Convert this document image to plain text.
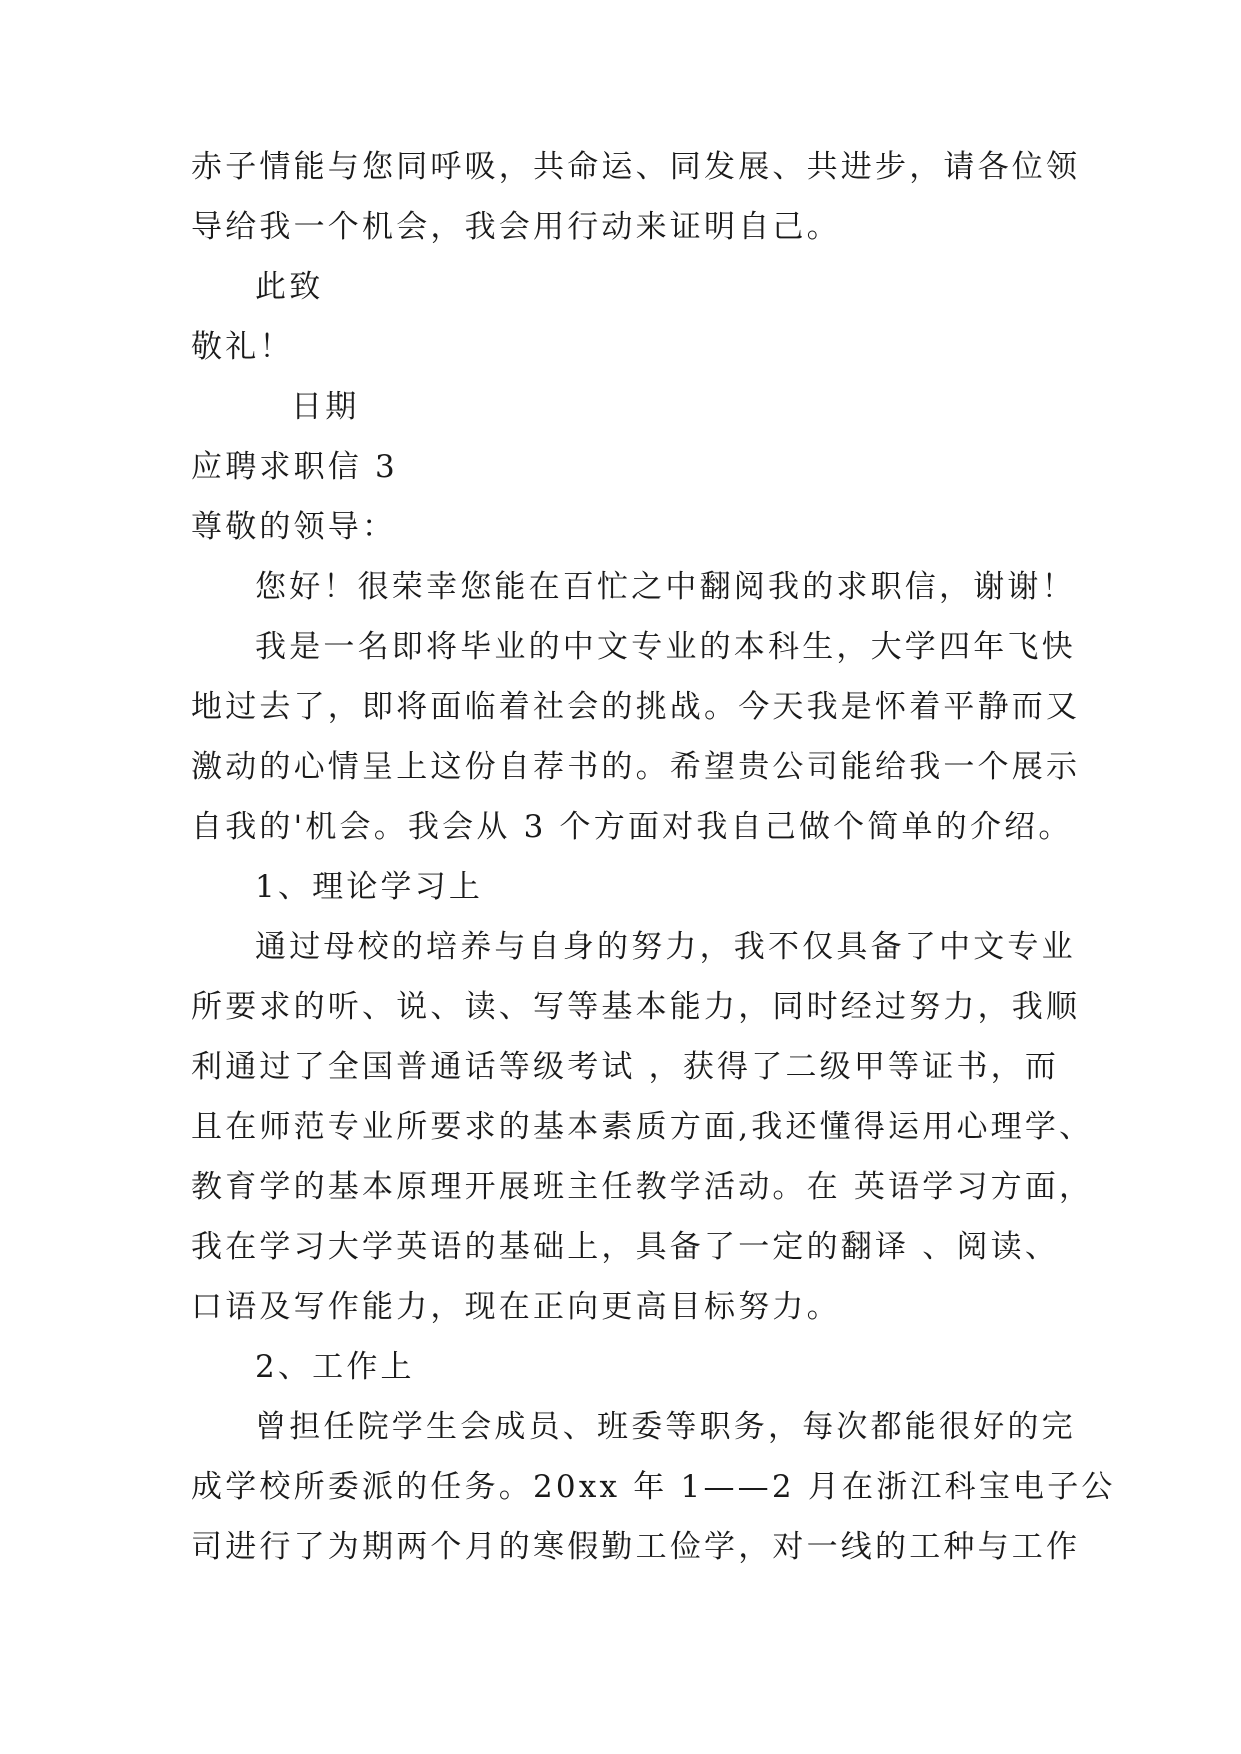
赤子情能与您同呼吸，共命运、同发展、共进步，请各位领
导给我一个机会，我会用行动来证明自己。
此致
敬礼！
日期
应聘求职信 3
尊敬的领导：
您好！很荣幸您能在百忙之中翻阅我的求职信，谢谢！
我是一名即将毕业的中文专业的本科生，大学四年飞快
地过去了，即将面临着社会的挑战。今天我是怀着平静而又
激动的心情呈上这份自荐书的。希望贵公司能给我一个展示
自我的'机会。我会从 3 个方面对我自己做个简单的介绍。
1、理论学习上
通过母校的培养与自身的努力，我不仅具备了中文专业
所要求的听、说、读、写等基本能力，同时经过努力，我顺
利通过了全国普通话等级考试 ，获得了二级甲等证书，而
且在师范专业所要求的基本素质方面,我还懂得运用心理学、
教育学的基本原理开展班主任教学活动。在 英语学习方面，
我在学习大学英语的基础上，具备了一定的翻译 、阅读、
口语及写作能力，现在正向更高目标努力。
2、工作上
曾担任院学生会成员、班委等职务，每次都能很好的完
成学校所委派的任务。20xx 年 1——2 月在浙江科宝电子公
司进行了为期两个月的寒假勤工俭学，对一线的工种与工作
